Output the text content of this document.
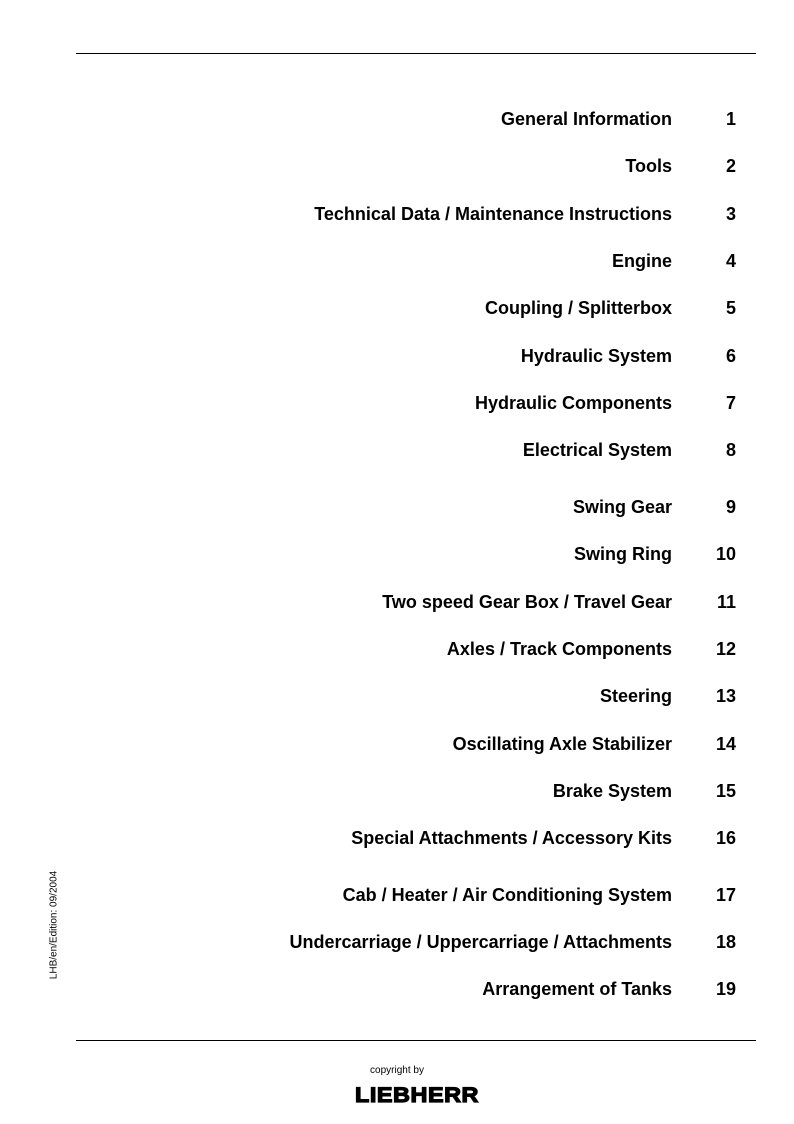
General Information	1
Tools	2
Technical Data / Maintenance Instructions	3
Engine	4
Coupling / Splitterbox	5
Hydraulic System	6
Hydraulic Components	7
Electrical System	8
Swing Gear	9
Swing Ring 10
Two speed Gear Box / Travel Gear 11
Axles / Track Components 12
Steering 13
Oscillating Axle Stabilizer 14
Brake System 15
Special Attachments / Accessory Kits 16
Cab / Heater / Air Conditioning System 17
Undercarriage / Uppercarriage / Attachments 18
Arrangement of Tanks 19
LHB/en/Edition: 09/2004
copyright by
LIEBHERR
